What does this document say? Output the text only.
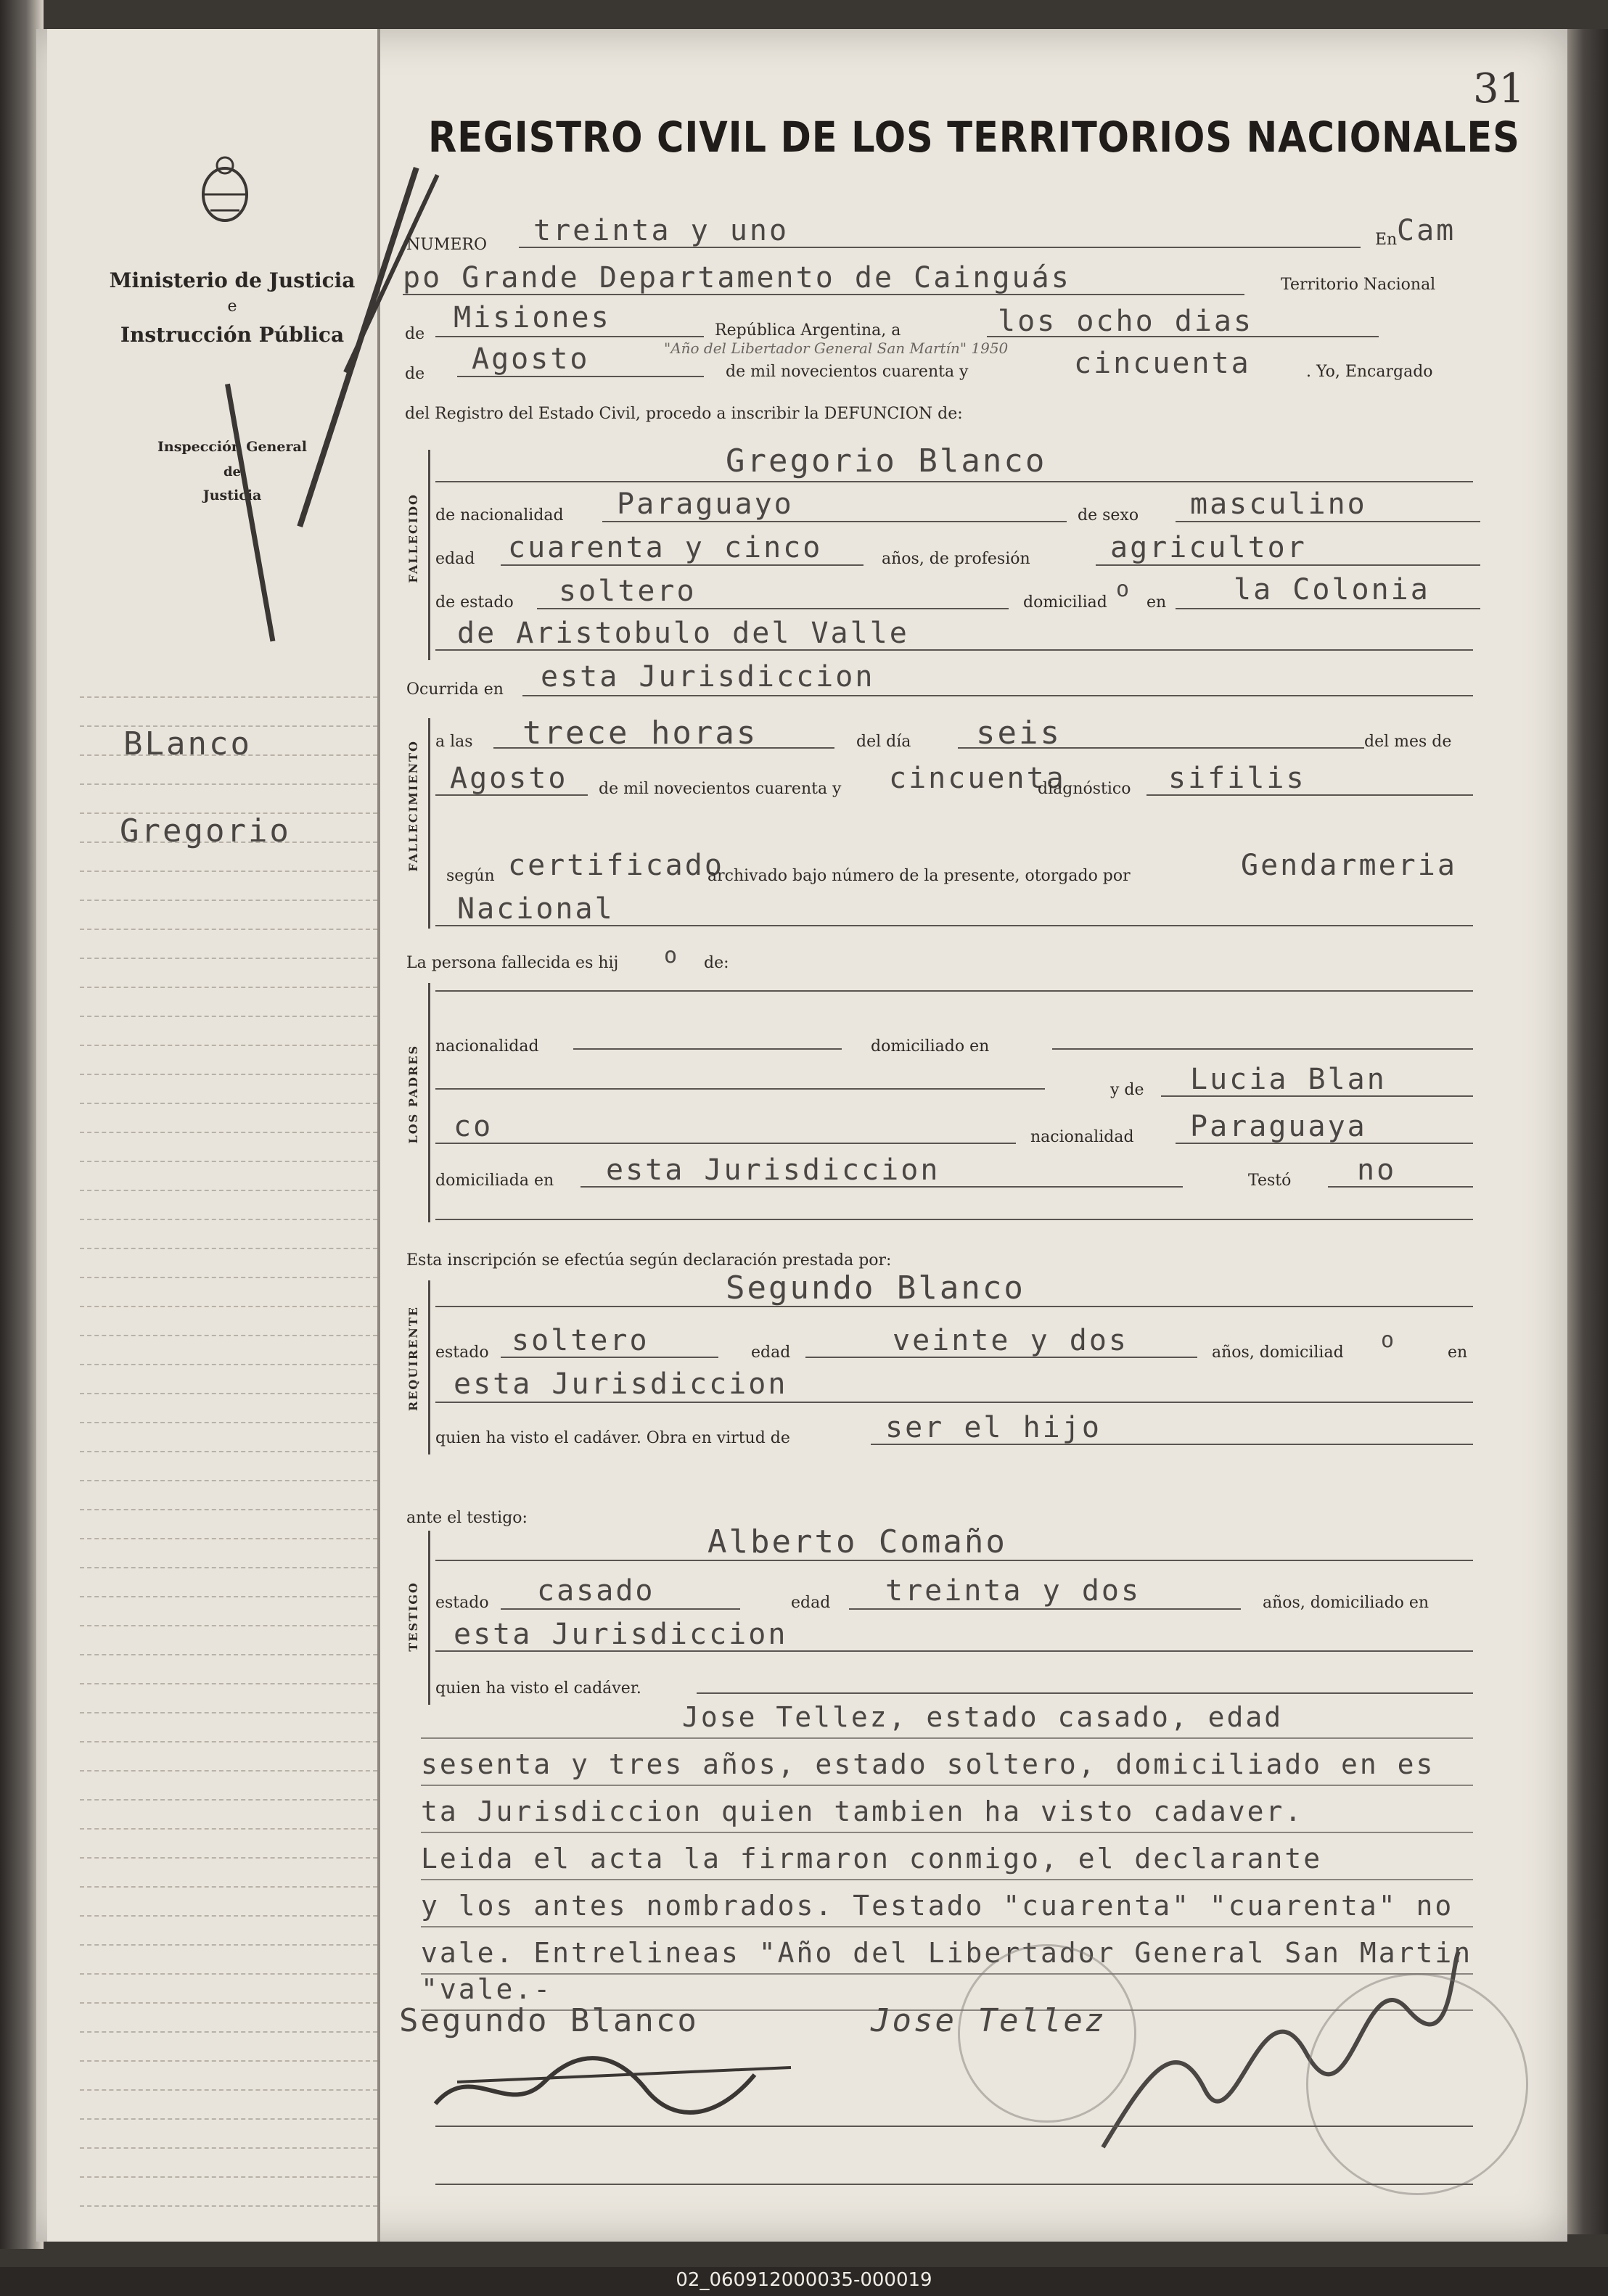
Ministerio de Justicia
e
Instrucción Pública
Inspección General
de
Justicia
BLanco
Gregorio
REGISTRO CIVIL DE LOS TERRITORIOS NACIONALES
31
NUMERO treinta y uno	En Cam
po Grande Departamento de Cainguás	Territorio Nacional
de Misiones	República Argentina, a	los ocho dias
de Agosto	"Año del Libertador General San Martín" 1950
de mil novecientos cuarenta y	cincuenta	. Yo, Encargado
del Registro del Estado Civil, procedo a inscribir la DEFUNCION de:
FALLECIDO
Gregorio Blanco
de nacionalidad Paraguayo	de sexo masculino
edad cuarenta y cinco	años, de profesión	agricultor
de estado soltero	domiciliad
o
en la Colonia
de Aristobulo del Valle
Ocurrida en esta Jurisdiccion
FALLECIMIENTO a las trece horas	del día seis	del mes de
Agosto de mil novecientos cuarenta y cincuenta
diagnóstico sifilis
según certificado
archivado bajo número de la presente, otorgado por	Gendarmeria
Nacional
La persona fallecida es hij o de:
LOS PADRES nacionalidad	domiciliado en
y de Lucia Blan
co	nacionalidad Paraguaya
domiciliada en esta Jurisdiccion	Testó no
Esta inscripción se efectúa según declaración prestada por:
REQUIRENTE
Segundo Blanco
estado soltero	edad	veinte y dos	años, domiciliad o	en
esta Jurisdiccion
quien ha visto el cadáver. Obra en virtud de	ser el hijo
ante el testigo:
TESTIGO
Alberto Comaño
estado casado	edad treinta y dos	años, domiciliado en
esta Jurisdiccion
quien ha visto el cadáver.
Jose Tellez, estado casado, edad
sesenta y tres años, estado soltero, domiciliado en es
ta Jurisdiccion quien tambien ha visto cadaver.
Leida el acta la firmaron conmigo, el declarante
y los antes nombrados. Testado "cuarenta" "cuarenta" no
vale. Entrelineas "Año del Libertador General San Martin
"vale.-
Segundo Blanco	Jose Tellez
02_060912000035-000019
